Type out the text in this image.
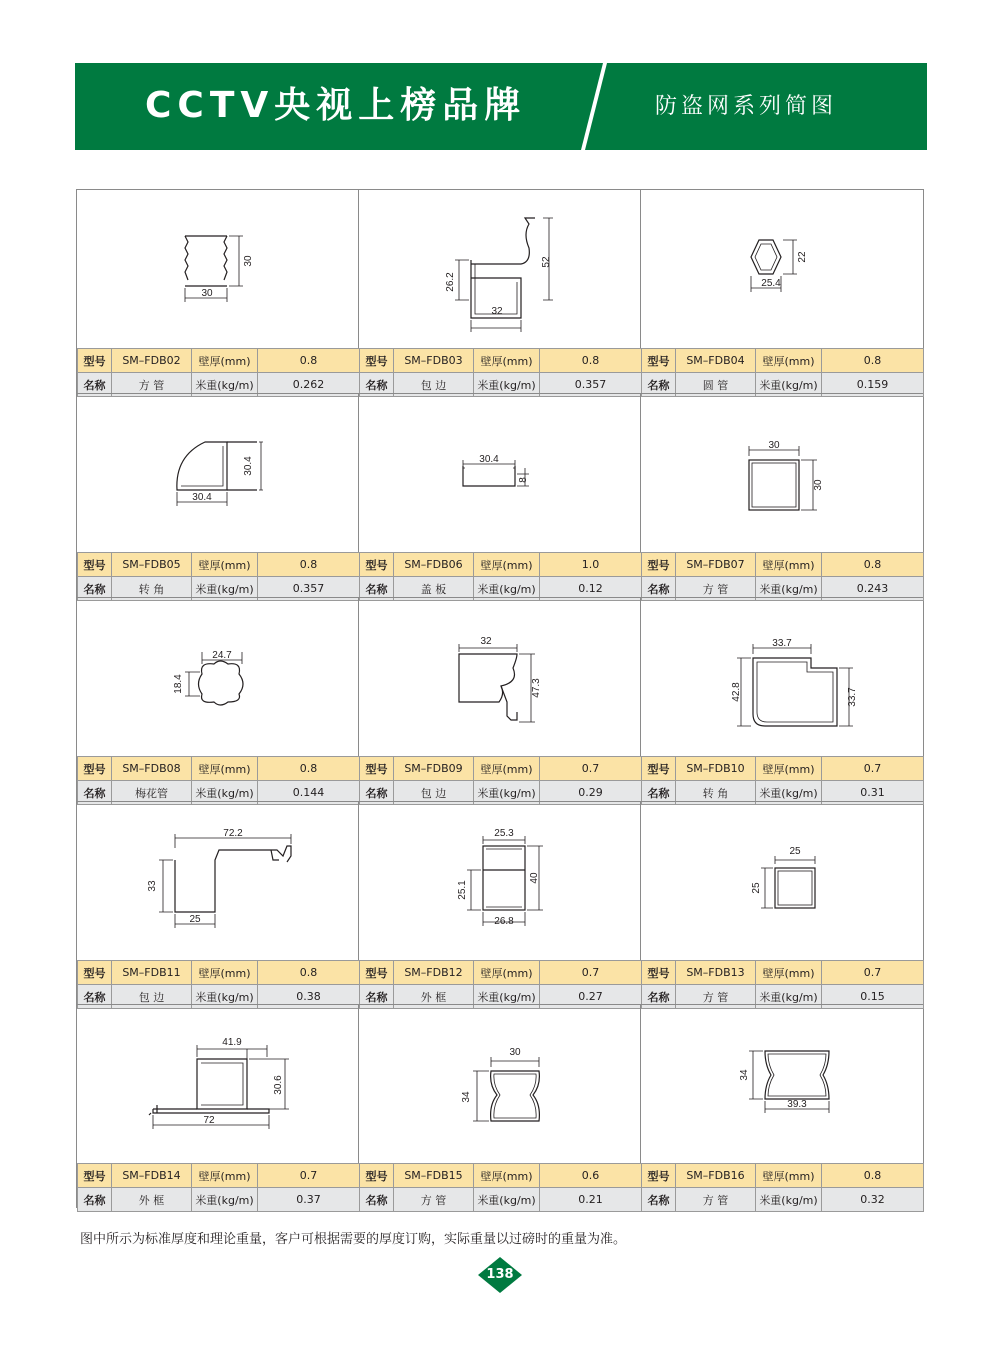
CCTV央视上榜品牌	防盗网系列简图
30
30
型号	SM–FDB02	壁厚(mm)	0.8
名称	方 管	米重(kg/m)	0.262
52
26.2
32
型号	SM–FDB03	壁厚(mm)	0.8
名称	包 边	米重(kg/m)	0.357
22
25.4
型号	SM–FDB04	壁厚(mm)	0.8
名称	圆 管	米重(kg/m)	0.159
30.4
30.4
型号	SM–FDB05	壁厚(mm)	0.8
名称	转 角	米重(kg/m)	0.357
30.4
8
型号	SM–FDB06	壁厚(mm)	1.0
名称	盖 板	米重(kg/m)	0.12
30
30
型号	SM–FDB07	壁厚(mm)	0.8
名称	方 管	米重(kg/m)	0.243
24.7
18.4
型号	SM–FDB08	壁厚(mm)	0.8
名称	梅花管	米重(kg/m)	0.144
32
47.3
型号	SM–FDB09	壁厚(mm)	0.7
名称	包 边	米重(kg/m)	0.29
33.7
42.8	33.7
型号	SM–FDB10	壁厚(mm)	0.7
名称	转 角	米重(kg/m)	0.31
72.2
33
25
型号	SM–FDB11	壁厚(mm)	0.8
名称	包 边	米重(kg/m)	0.38
25.3
25.1
40
26.8
型号	SM–FDB12	壁厚(mm)	0.7
名称	外 框	米重(kg/m)	0.27
25
25
型号	SM–FDB13	壁厚(mm)	0.7
名称	方 管	米重(kg/m)	0.15
41.9
30.6
72
型号	SM–FDB14	壁厚(mm)	0.7
名称	外 框	米重(kg/m)	0.37
30
34
型号	SM–FDB15	壁厚(mm)	0.6
名称	方 管	米重(kg/m)	0.21
34
39.3
型号	SM–FDB16	壁厚(mm)	0.8
名称	方 管	米重(kg/m)	0.32
图中所示为标准厚度和理论重量，客户可根据需要的厚度订购，实际重量以过磅时的重量为准。
138
